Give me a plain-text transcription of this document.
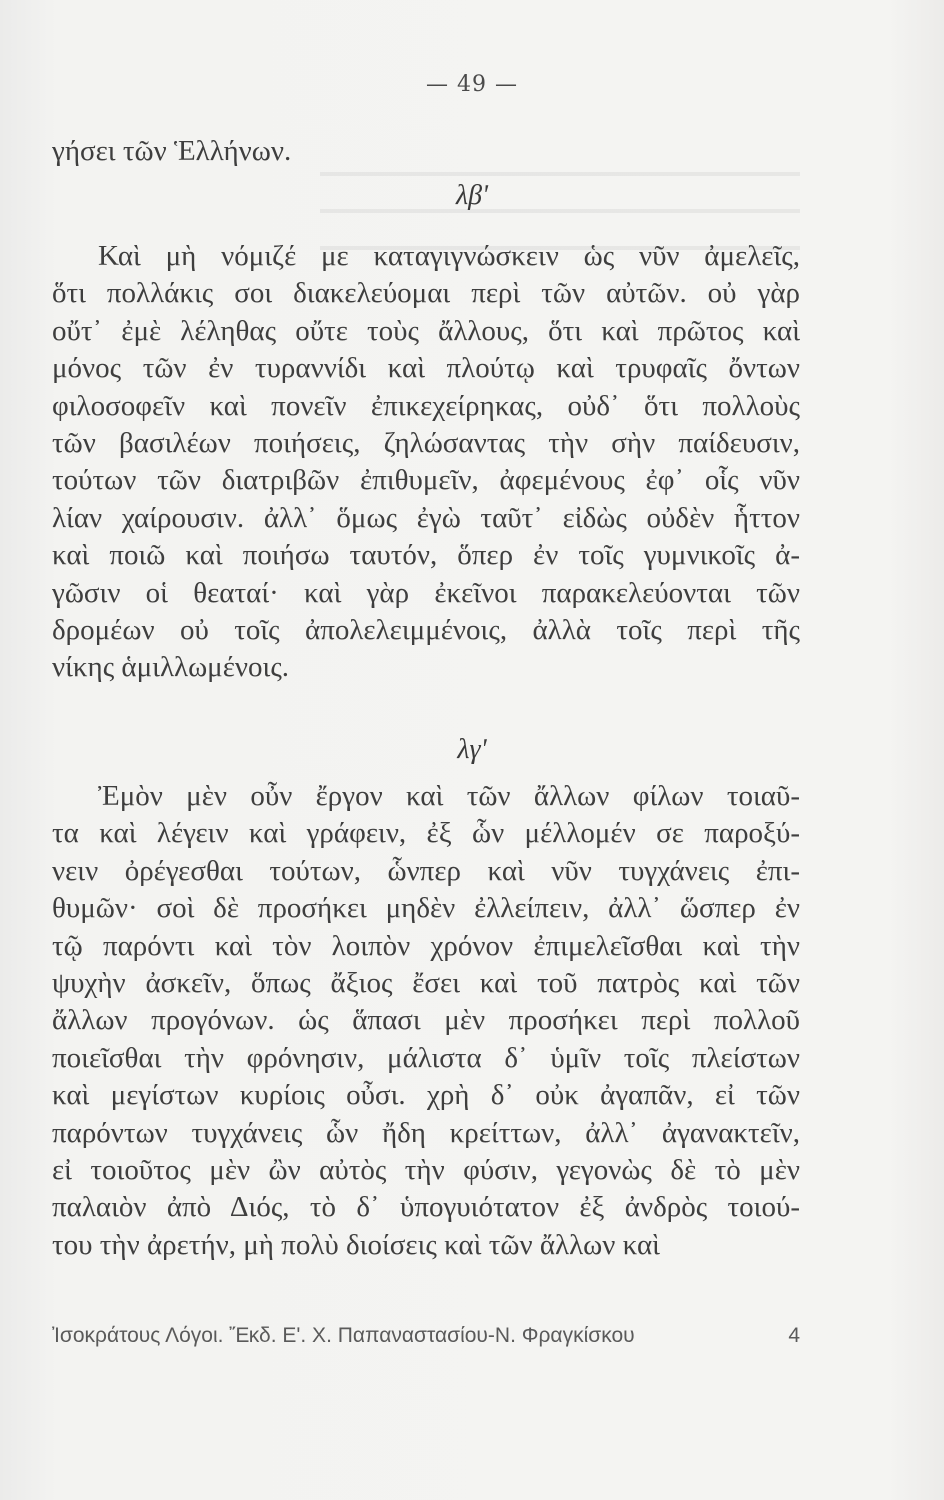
— 49 —
γήσει τῶν Ἑλλήνων.
λβʹ
Καὶ μὴ νόμιζέ με καταγιγνώσκειν ὡς νῦν ἀμελεῖς,
ὅτι πολλάκις σοι διακελεύομαι περὶ τῶν αὐτῶν. οὐ γὰρ
οὔτ᾽ ἐμὲ λέληθας οὔτε τοὺς ἄλλους, ὅτι καὶ πρῶτος καὶ
μόνος τῶν ἐν τυραννίδι καὶ πλούτῳ καὶ τρυφαῖς ὄντων
φιλοσοφεῖν καὶ πονεῖν ἐπικεχείρηκας, οὐδ᾽ ὅτι πολλοὺς
τῶν βασιλέων ποιήσεις, ζηλώσαντας τὴν σὴν παίδευσιν,
τούτων τῶν διατριβῶν ἐπιθυμεῖν, ἀφεμένους ἐφ᾽ οἷς νῦν
λίαν χαίρουσιν. ἀλλ᾽ ὅμως ἐγὼ ταῦτ᾽ εἰδὼς οὐδὲν ἧττον
καὶ ποιῶ καὶ ποιήσω ταυτόν, ὅπερ ἐν τοῖς γυμνικοῖς ἀ-
γῶσιν οἱ θεαταί· καὶ γὰρ ἐκεῖνοι παρακελεύονται τῶν
δρομέων οὐ τοῖς ἀπολελειμμένοις, ἀλλὰ τοῖς περὶ τῆς
νίκης ἁμιλλωμένοις.
λγʹ
Ἐμὸν μὲν οὖν ἔργον καὶ τῶν ἄλλων φίλων τοιαῦ-
τα καὶ λέγειν καὶ γράφειν, ἐξ ὧν μέλλομέν σε παροξύ-
νειν ὀρέγεσθαι τούτων, ὧνπερ καὶ νῦν τυγχάνεις ἐπι-
θυμῶν· σοὶ δὲ προσήκει μηδὲν ἐλλείπειν, ἀλλ᾽ ὥσπερ ἐν
τῷ παρόντι καὶ τὸν λοιπὸν χρόνον ἐπιμελεῖσθαι καὶ τὴν
ψυχὴν ἀσκεῖν, ὅπως ἄξιος ἔσει καὶ τοῦ πατρὸς καὶ τῶν
ἄλλων προγόνων. ὡς ἅπασι μὲν προσήκει περὶ πολλοῦ
ποιεῖσθαι τὴν φρόνησιν, μάλιστα δ᾽ ὑμῖν τοῖς πλείστων
καὶ μεγίστων κυρίοις οὖσι. χρὴ δ᾽ οὐκ ἀγαπᾶν, εἰ τῶν
παρόντων τυγχάνεις ὧν ἤδη κρείττων, ἀλλ᾽ ἀγανακτεῖν,
εἰ τοιοῦτος μὲν ὢν αὐτὸς τὴν φύσιν, γεγονὼς δὲ τὸ μὲν
παλαιὸν ἀπὸ Διός, τὸ δ᾽ ὑπογυιότατον ἐξ ἀνδρὸς τοιού-
του τὴν ἀρετήν, μὴ πολὺ διοίσεις καὶ τῶν ἄλλων καὶ
Ἰσοκράτους Λόγοι. Ἔκδ. Εʹ. Χ. Παπαναστασίου-Ν. Φραγκίσκου	4
